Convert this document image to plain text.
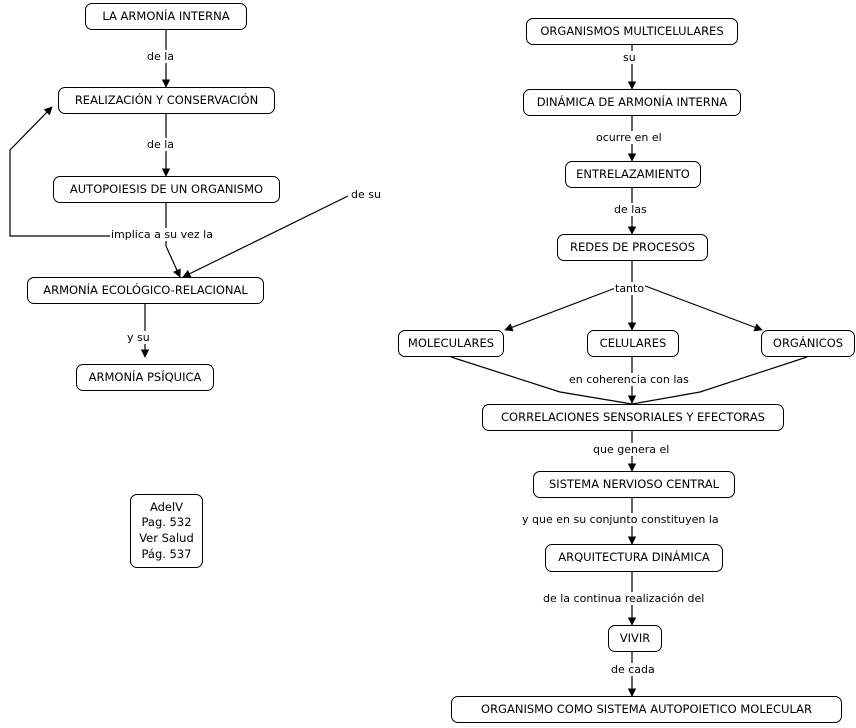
LA ARMONÍA INTERNA
REALIZACIÓN Y CONSERVACIÓN
AUTOPOIESIS DE UN ORGANISMO
ARMONÍA ECOLÓGICO-RELACIONAL
ARMONÍA PSÍQUICA
ORGANISMOS MULTICELULARES
DINÁMICA DE ARMONÍA INTERNA
ENTRELAZAMIENTO
REDES DE PROCESOS
MOLECULARES	CELULARES	ORGÁNICOS
CORRELACIONES SENSORIALES Y EFECTORAS
SISTEMA NERVIOSO CENTRAL
ARQUITECTURA DINÁMICA
VIVIR
ORGANISMO COMO SISTEMA AUTOPOIETICO MOLECULAR
AdelV
Pag. 532
Ver Salud
Pág. 537
de la
de la
implica a su vez la
de su
y su
su
ocurre en el
de las
tanto
en coherencia con las
que genera el
y que en su conjunto constituyen la
de la continua realización del
de cada
